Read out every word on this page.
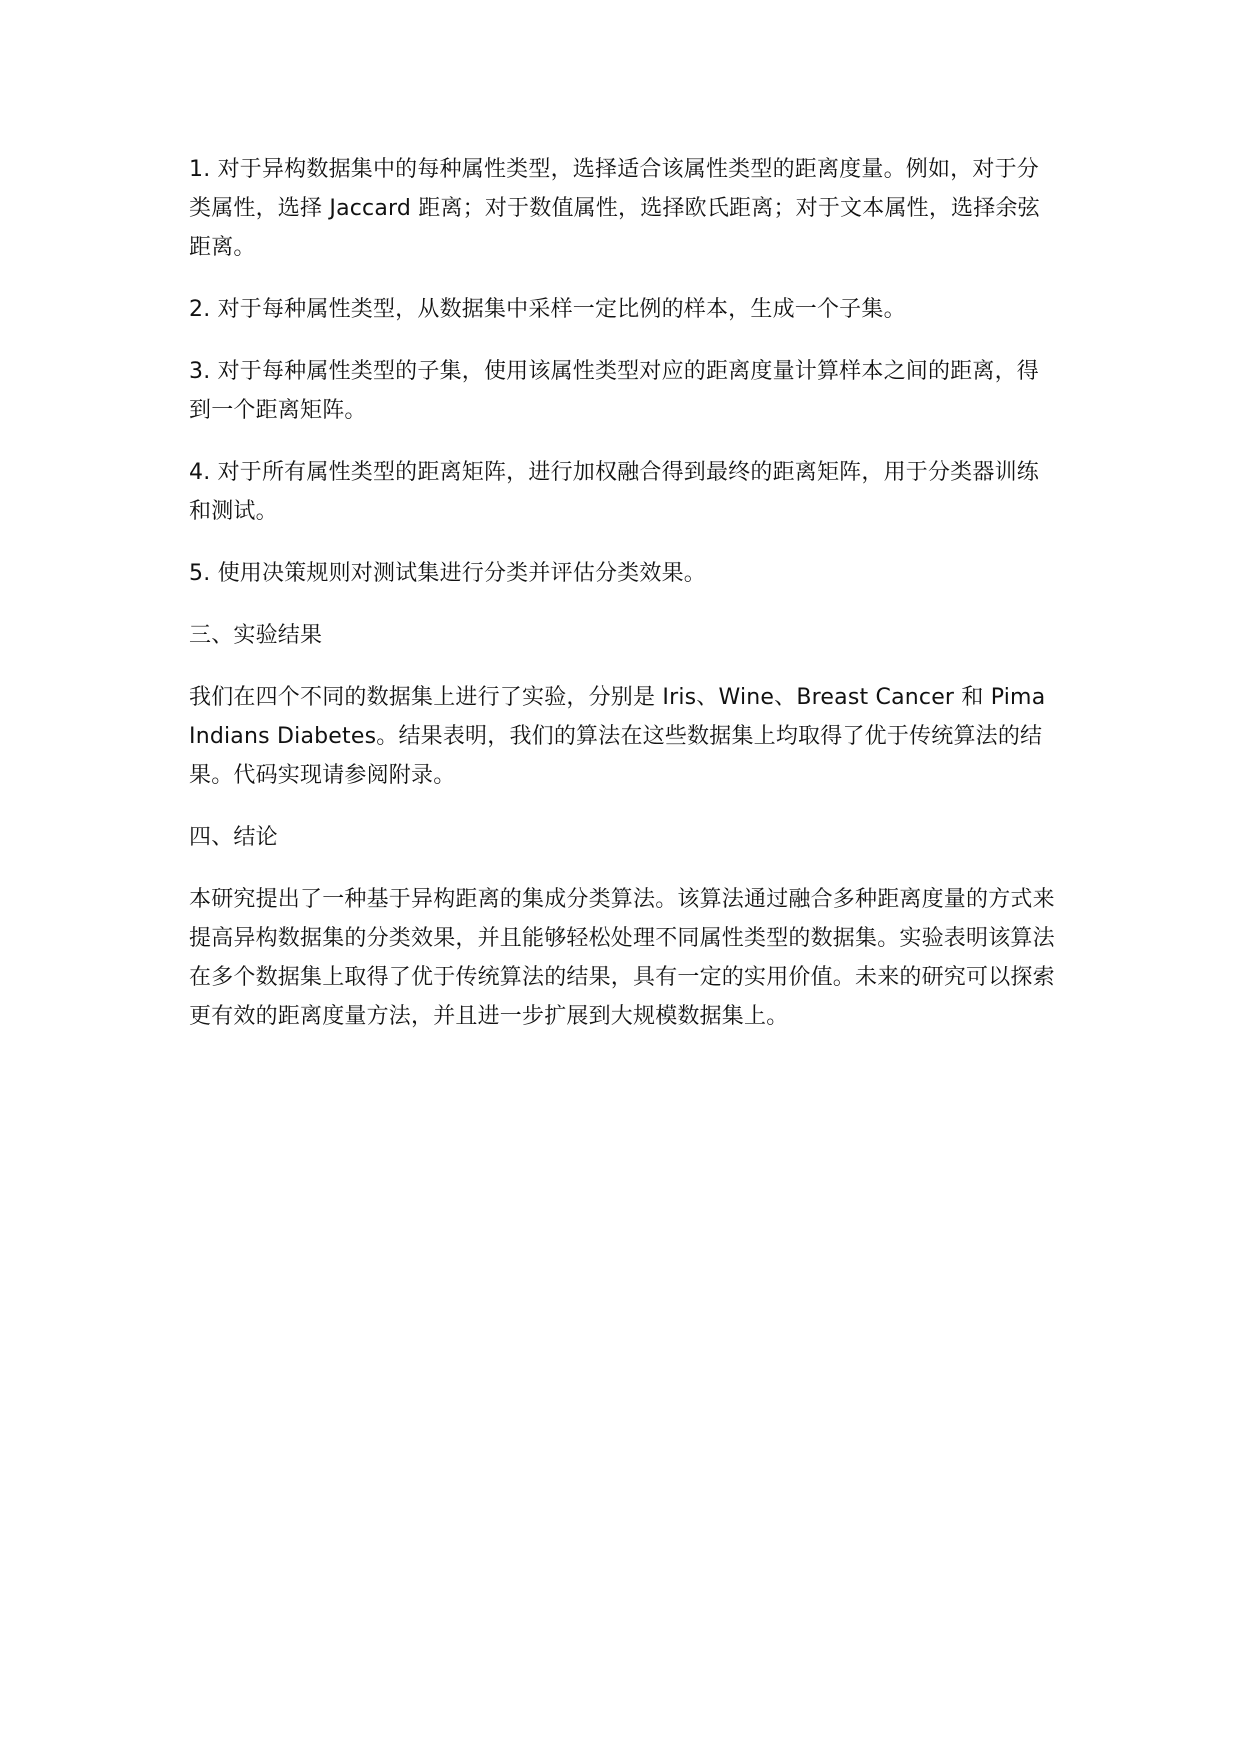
1. 对于异构数据集中的每种属性类型，选择适合该属性类型的距离度量。例如，对于分类属性，选择 Jaccard 距离；对于数值属性，选择欧氏距离；对于文本属性，选择余弦距离。

2. 对于每种属性类型，从数据集中采样一定比例的样本，生成一个子集。

3. 对于每种属性类型的子集，使用该属性类型对应的距离度量计算样本之间的距离，得到一个距离矩阵。

4. 对于所有属性类型的距离矩阵，进行加权融合得到最终的距离矩阵，用于分类器训练和测试。

5. 使用决策规则对测试集进行分类并评估分类效果。

三、实验结果

我们在四个不同的数据集上进行了实验，分别是 Iris、Wine、Breast Cancer 和 Pima Indians Diabetes。结果表明，我们的算法在这些数据集上均取得了优于传统算法的结果。代码实现请参阅附录。

四、结论

本研究提出了一种基于异构距离的集成分类算法。该算法通过融合多种距离度量的方式来提高异构数据集的分类效果，并且能够轻松处理不同属性类型的数据集。实验表明该算法在多个数据集上取得了优于传统算法的结果，具有一定的实用价值。未来的研究可以探索更有效的距离度量方法，并且进一步扩展到大规模数据集上。
